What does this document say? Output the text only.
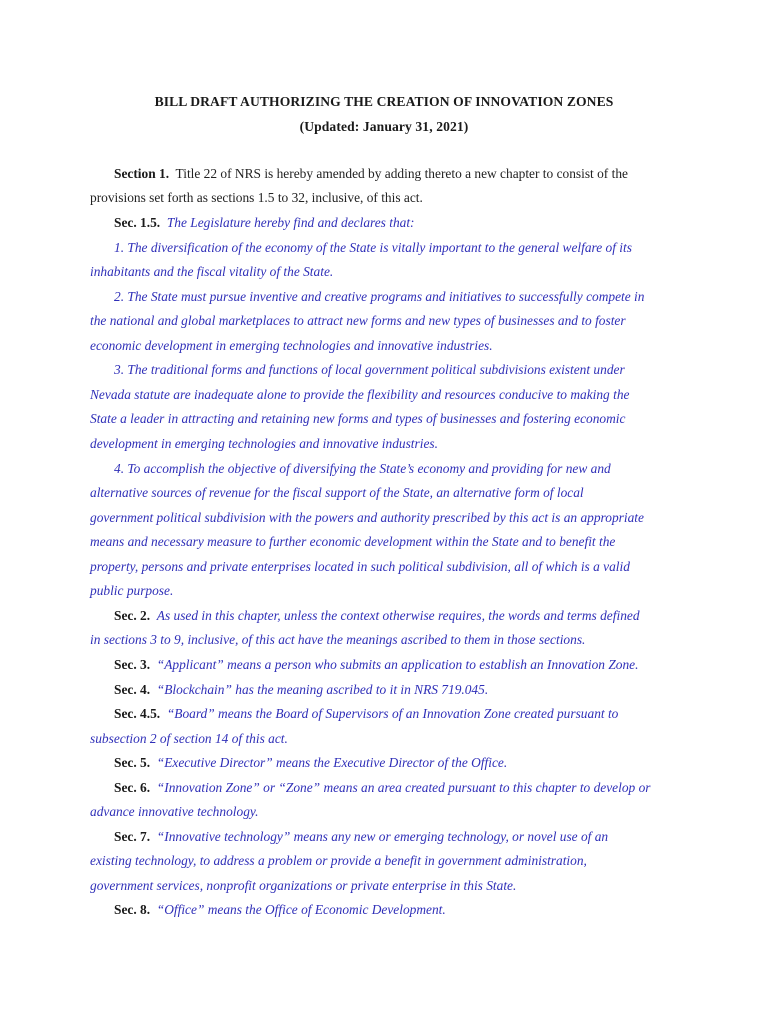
BILL DRAFT AUTHORIZING THE CREATION OF INNOVATION ZONES
(Updated: January 31, 2021)
Section 1. Title 22 of NRS is hereby amended by adding thereto a new chapter to consist of the
provisions set forth as sections 1.5 to 32, inclusive, of this act.
Sec. 1.5. The Legislature hereby find and declares that:
1. The diversification of the economy of the State is vitally important to the general welfare of its
inhabitants and the fiscal vitality of the State.
2. The State must pursue inventive and creative programs and initiatives to successfully compete in
the national and global marketplaces to attract new forms and new types of businesses and to foster
economic development in emerging technologies and innovative industries.
3. The traditional forms and functions of local government political subdivisions existent under
Nevada statute are inadequate alone to provide the flexibility and resources conducive to making the
State a leader in attracting and retaining new forms and types of businesses and fostering economic
development in emerging technologies and innovative industries.
4. To accomplish the objective of diversifying the State’s economy and providing for new and
alternative sources of revenue for the fiscal support of the State, an alternative form of local
government political subdivision with the powers and authority prescribed by this act is an appropriate
means and necessary measure to further economic development within the State and to benefit the
property, persons and private enterprises located in such political subdivision, all of which is a valid
public purpose.
Sec. 2. As used in this chapter, unless the context otherwise requires, the words and terms defined
in sections 3 to 9, inclusive, of this act have the meanings ascribed to them in those sections.
Sec. 3. “Applicant” means a person who submits an application to establish an Innovation Zone.
Sec. 4. “Blockchain” has the meaning ascribed to it in NRS 719.045.
Sec. 4.5. “Board” means the Board of Supervisors of an Innovation Zone created pursuant to
subsection 2 of section 14 of this act.
Sec. 5. “Executive Director” means the Executive Director of the Office.
Sec. 6. “Innovation Zone” or “Zone” means an area created pursuant to this chapter to develop or
advance innovative technology.
Sec. 7. “Innovative technology” means any new or emerging technology, or novel use of an
existing technology, to address a problem or provide a benefit in government administration,
government services, nonprofit organizations or private enterprise in this State.
Sec. 8. “Office” means the Office of Economic Development.
